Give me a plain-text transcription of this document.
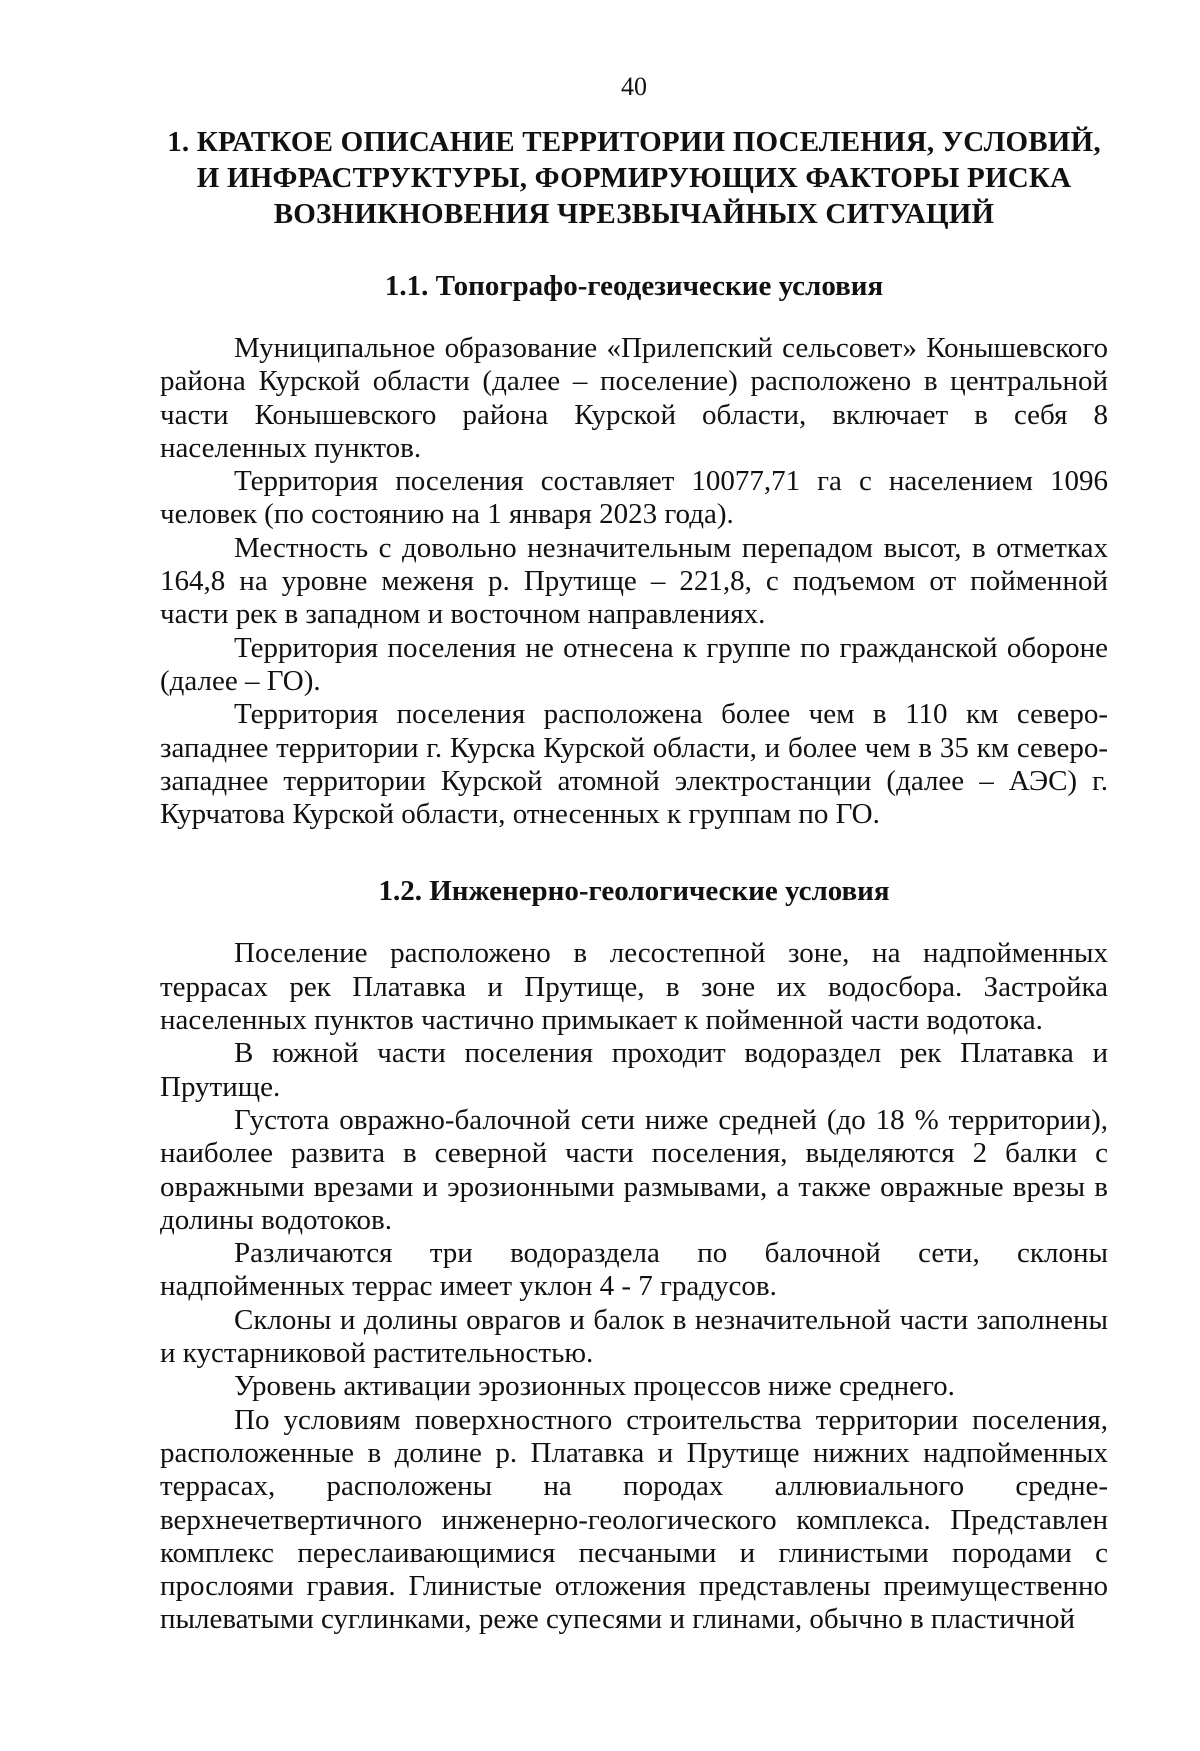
40
1. КРАТКОЕ ОПИСАНИЕ ТЕРРИТОРИИ ПОСЕЛЕНИЯ, УСЛОВИЙ,
И ИНФРАСТРУКТУРЫ, ФОРМИРУЮЩИХ ФАКТОРЫ РИСКА
ВОЗНИКНОВЕНИЯ ЧРЕЗВЫЧАЙНЫХ СИТУАЦИЙ
1.1. Топографо-геодезические условия

Муниципальное образование «Прилепский сельсовет» Конышевского района Курской области (далее – поселение) расположено в центральной части Конышевского района Курской области, включает в себя 8 населенных пунктов.

Территория поселения составляет 10077,71 га с населением 1096 человек (по состоянию на 1 января 2023 года).

Местность с довольно незначительным перепадом высот, в отметках 164,8 на уровне меженя р. Прутище – 221,8, с подъемом от пойменной части рек в западном и восточном направлениях.

Территория поселения не отнесена к группе по гражданской обороне (далее – ГО).

Территория поселения расположена более чем в 110 км северо-западнее территории г. Курска Курской области, и более чем в 35 км северо-западнее территории Курской атомной электростанции (далее – АЭС) г. Курчатова Курской области, отнесенных к группам по ГО.

1.2. Инженерно-геологические условия

Поселение расположено в лесостепной зоне, на надпойменных террасах рек Платавка и Прутище, в зоне их водосбора. Застройка населенных пунктов частично примыкает к пойменной части водотока.

В южной части поселения проходит водораздел рек Платавка и Прутище.

Густота овражно-балочной сети ниже средней (до 18 % территории), наиболее развита в северной части поселения, выделяются 2 балки с овражными врезами и эрозионными размывами, а также овражные врезы в долины водотоков.

Различаются три водораздела по балочной сети, склоны надпойменных террас имеет уклон 4 - 7 градусов.

Склоны и долины оврагов и балок в незначительной части заполнены и кустарниковой растительностью.

Уровень активации эрозионных процессов ниже среднего.

По условиям поверхностного строительства территории поселения, расположенные в долине р. Платавка и Прутище нижних надпойменных террасах, расположены на породах аллювиального средне-верхнечетвертичного инженерно-геологического комплекса. Представлен комплекс переслаивающимися песчаными и глинистыми породами с прослоями гравия. Глинистые отложения представлены преимущественно пылеватыми суглинками, реже супесями и глинами, обычно в пластичной
